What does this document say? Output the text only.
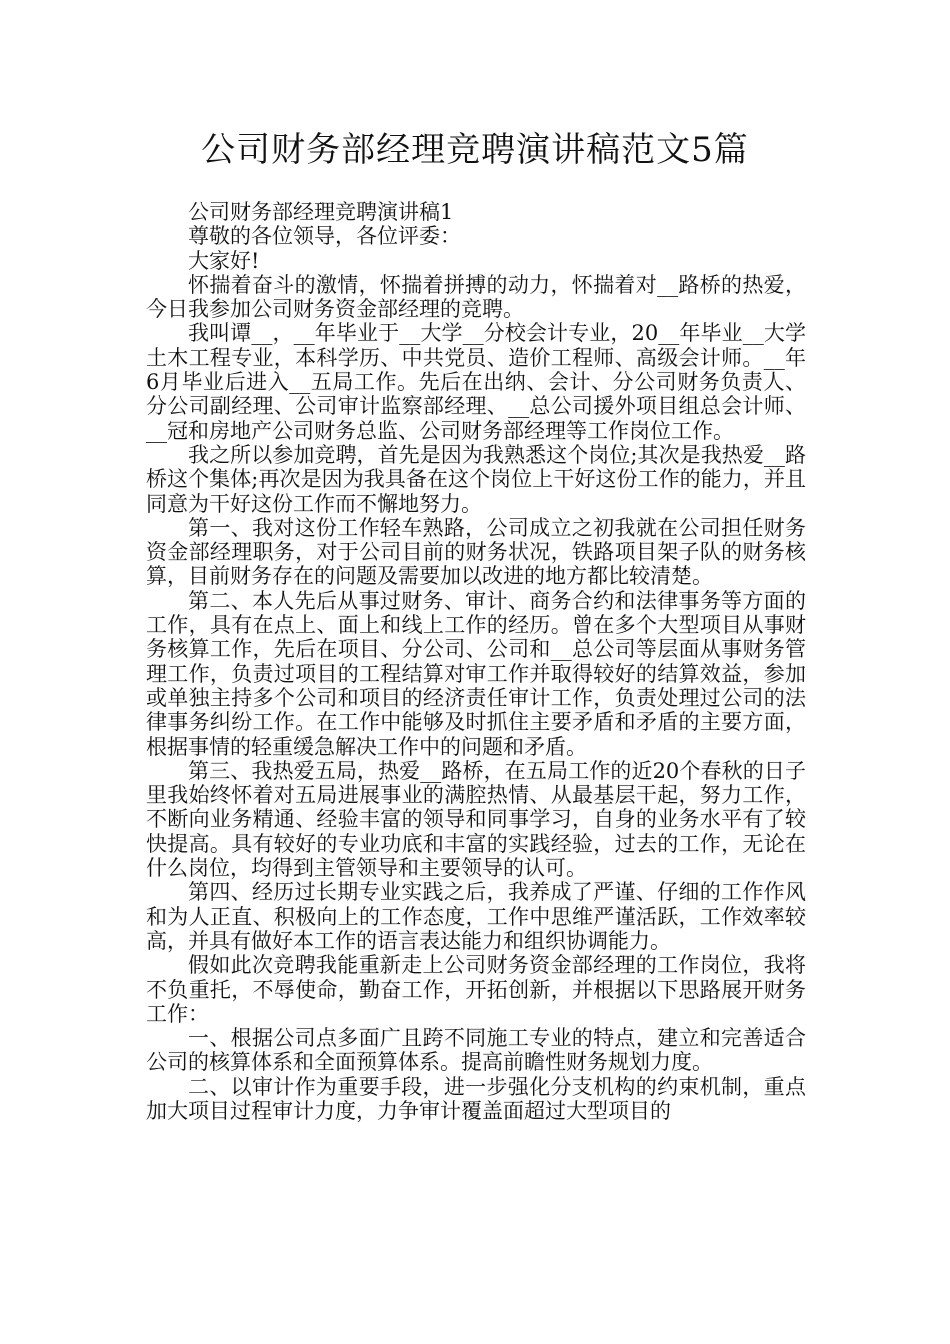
公司财务部经理竞聘演讲稿范文5篇

公司财务部经理竞聘演讲稿1

尊敬的各位领导，各位评委：

大家好!

怀揣着奋斗的激情，怀揣着拼搏的动力，怀揣着对__路桥的热爱，今日我参加公司财务资金部经理的竞聘。

我叫谭__，__年毕业于__大学__分校会计专业，20__年毕业__大学土木工程专业，本科学历、中共党员、造价工程师、高级会计师。__年6月毕业后进入__五局工作。先后在出纳、会计、分公司财务负责人、分公司副经理、公司审计监察部经理、__总公司援外项目组总会计师、__冠和房地产公司财务总监、公司财务部经理等工作岗位工作。

我之所以参加竞聘，首先是因为我熟悉这个岗位;其次是我热爱__路桥这个集体;再次是因为我具备在这个岗位上干好这份工作的能力，并且同意为干好这份工作而不懈地努力。

第一、我对这份工作轻车熟路，公司成立之初我就在公司担任财务资金部经理职务，对于公司目前的财务状况，铁路项目架子队的财务核算，目前财务存在的问题及需要加以改进的地方都比较清楚。

第二、本人先后从事过财务、审计、商务合约和法律事务等方面的工作，具有在点上、面上和线上工作的经历。曾在多个大型项目从事财务核算工作，先后在项目、分公司、公司和__总公司等层面从事财务管理工作，负责过项目的工程结算对审工作并取得较好的结算效益，参加或单独主持多个公司和项目的经济责任审计工作，负责处理过公司的法律事务纠纷工作。在工作中能够及时抓住主要矛盾和矛盾的主要方面，根据事情的轻重缓急解决工作中的问题和矛盾。

第三、我热爱五局，热爱__路桥，在五局工作的近20个春秋的日子里我始终怀着对五局进展事业的满腔热情、从最基层干起，努力工作，不断向业务精通、经验丰富的领导和同事学习，自身的业务水平有了较快提高。具有较好的专业功底和丰富的实践经验，过去的工作，无论在什么岗位，均得到主管领导和主要领导的认可。

第四、经历过长期专业实践之后，我养成了严谨、仔细的工作作风和为人正直、积极向上的工作态度，工作中思维严谨活跃，工作效率较高，并具有做好本工作的语言表达能力和组织协调能力。

假如此次竞聘我能重新走上公司财务资金部经理的工作岗位，我将不负重托，不辱使命，勤奋工作，开拓创新，并根据以下思路展开财务工作：

一、根据公司点多面广且跨不同施工专业的特点，建立和完善适合公司的核算体系和全面预算体系。提高前瞻性财务规划力度。

二、以审计作为重要手段，进一步强化分支机构的约束机制，重点加大项目过程审计力度，力争审计覆盖面超过大型项目的
